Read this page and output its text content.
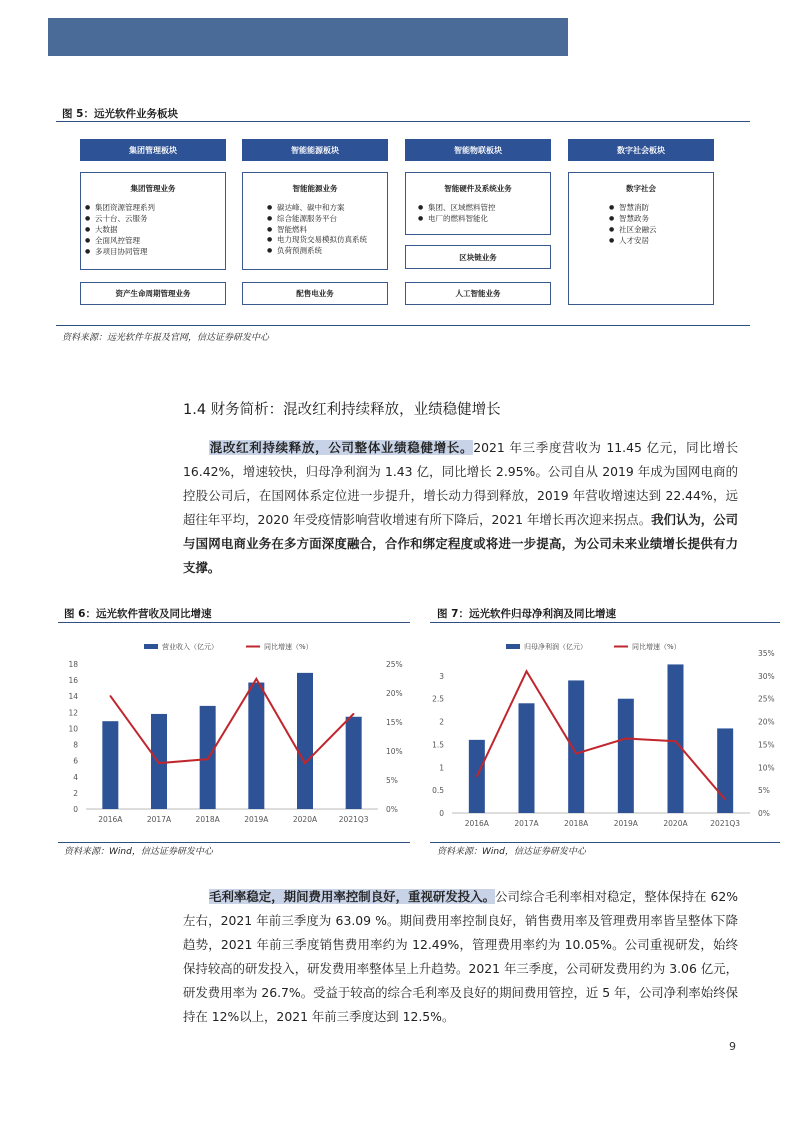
图 5：远光软件业务板块
集团管理板块
集团管理业务
● 集团资源管理系列
● 云十台、云服务
● 大数据
● 全面风控管理
● 多项目协同管理
资产生命周期管理业务
智能能源板块
智能能源业务
● 碳达峰、碳中和方案
● 综合能源服务平台
● 智能燃料
● 电力现货交易模拟仿真系统
● 负荷预测系统
配售电业务
智能物联板块
智能硬件及系统业务
● 集团、区域燃料管控
● 电厂的燃料智能化
区块链业务
人工智能业务
数字社会板块
数字社会
● 智慧消防
● 智慧政务
● 社区金融云
● 人才安居
资料来源：远光软件年报及官网，信达证券研发中心
1.4 财务简析：混改红利持续释放，业绩稳健增长
混改红利持续释放，公司整体业绩稳健增长。2021 年三季度营收为 11.45 亿元，同比增长 16.42%，增速较快，归母净利润为 1.43 亿，同比增长 2.95%。公司自从 2019 年成为国网电商的控股公司后，在国网体系定位进一步提升，增长动力得到释放，2019 年营收增速达到 22.44%，远超往年平均，2020 年受疫情影响营收增速有所下降后，2021 年增长再次迎来拐点。我们认为，公司与国网电商业务在多方面深度融合，合作和绑定程度或将进一步提高，为公司未来业绩增长提供有力支撑。
图 6：远光软件营收及同比增速
营业收入（亿元）	同比增速（%）
0
2
4
6
8
10
12
14
16
18
0%
5%
10%
15%
20%
25%
2016A	2017A	2018A	2019A	2020A	2021Q3
资料来源：Wind，信达证券研发中心
图 7：远光软件归母净利润及同比增速
归母净利润（亿元）	同比增速（%）
0
0.5
1
1.5
2
2.5
3
0%
5%
10%
15%
20%
25%
30%
35%
2016A	2017A	2018A	2019A	2020A	2021Q3
资料来源：Wind，信达证券研发中心
毛利率稳定，期间费用率控制良好，重视研发投入。公司综合毛利率相对稳定，整体保持在 62%左右，2021 年前三季度为 63.09 %。期间费用率控制良好，销售费用率及管理费用率皆呈整体下降趋势，2021 年前三季度销售费用率约为 12.49%，管理费用率约为 10.05%。公司重视研发，始终保持较高的研发投入，研发费用率整体呈上升趋势。2021 年三季度，公司研发费用约为 3.06 亿元，研发费用率为 26.7%。受益于较高的综合毛利率及良好的期间费用管控，近 5 年，公司净利率始终保持在 12%以上，2021 年前三季度达到 12.5%。
9
